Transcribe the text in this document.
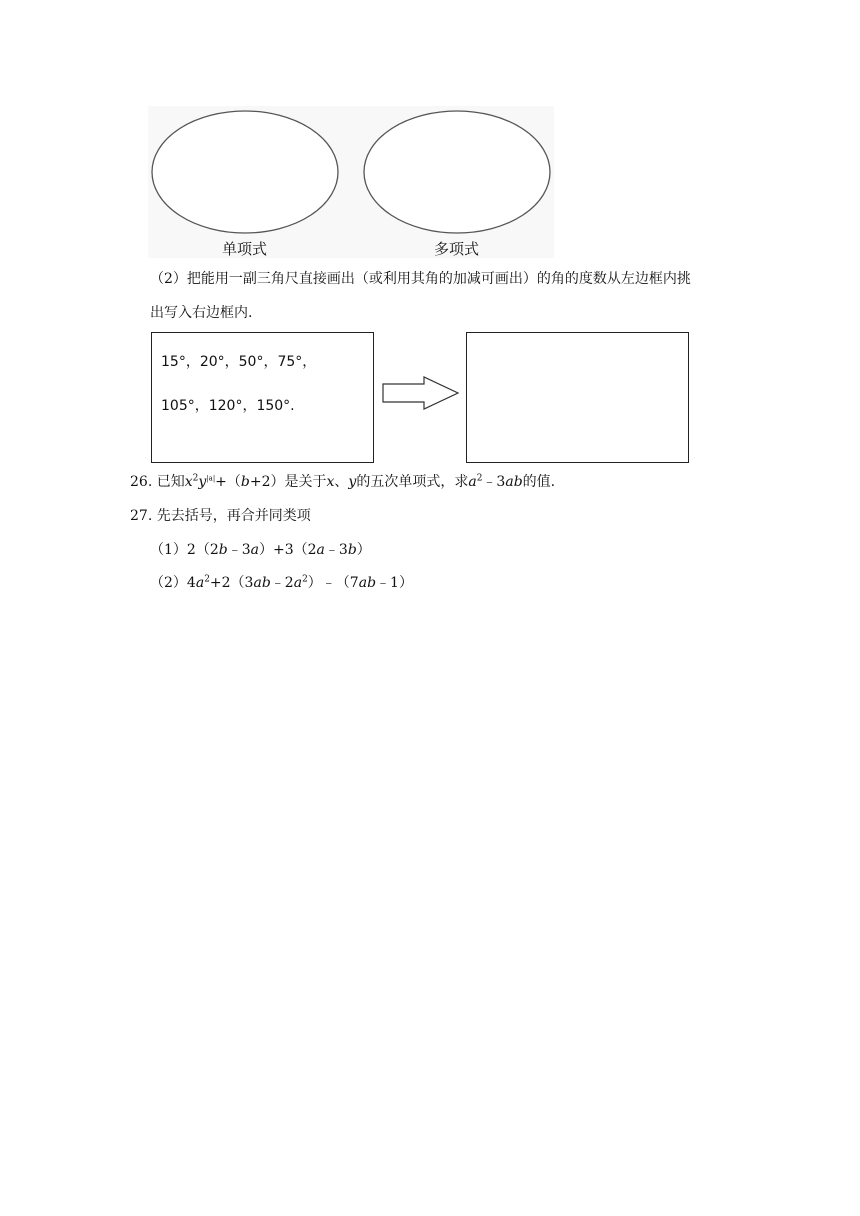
单项式	多项式
（2）把能用一副三角尺直接画出（或利用其角的加减可画出）的角的度数从左边框内挑
出写入右边框内.
15°，20°，50°，75°，
105°，120°，150°.
26. 已知$x^2y^{|a|}+(b+2)$是关于x、y的五次单项式，求$a^2﹣3ab$的值.
27. 先去括号，再合并同类项
（1）2（2b﹣3a）+3（2a﹣3b）
$(2)4a^2+2(3ab﹣2a^2)﹣(7ab﹣1)$
